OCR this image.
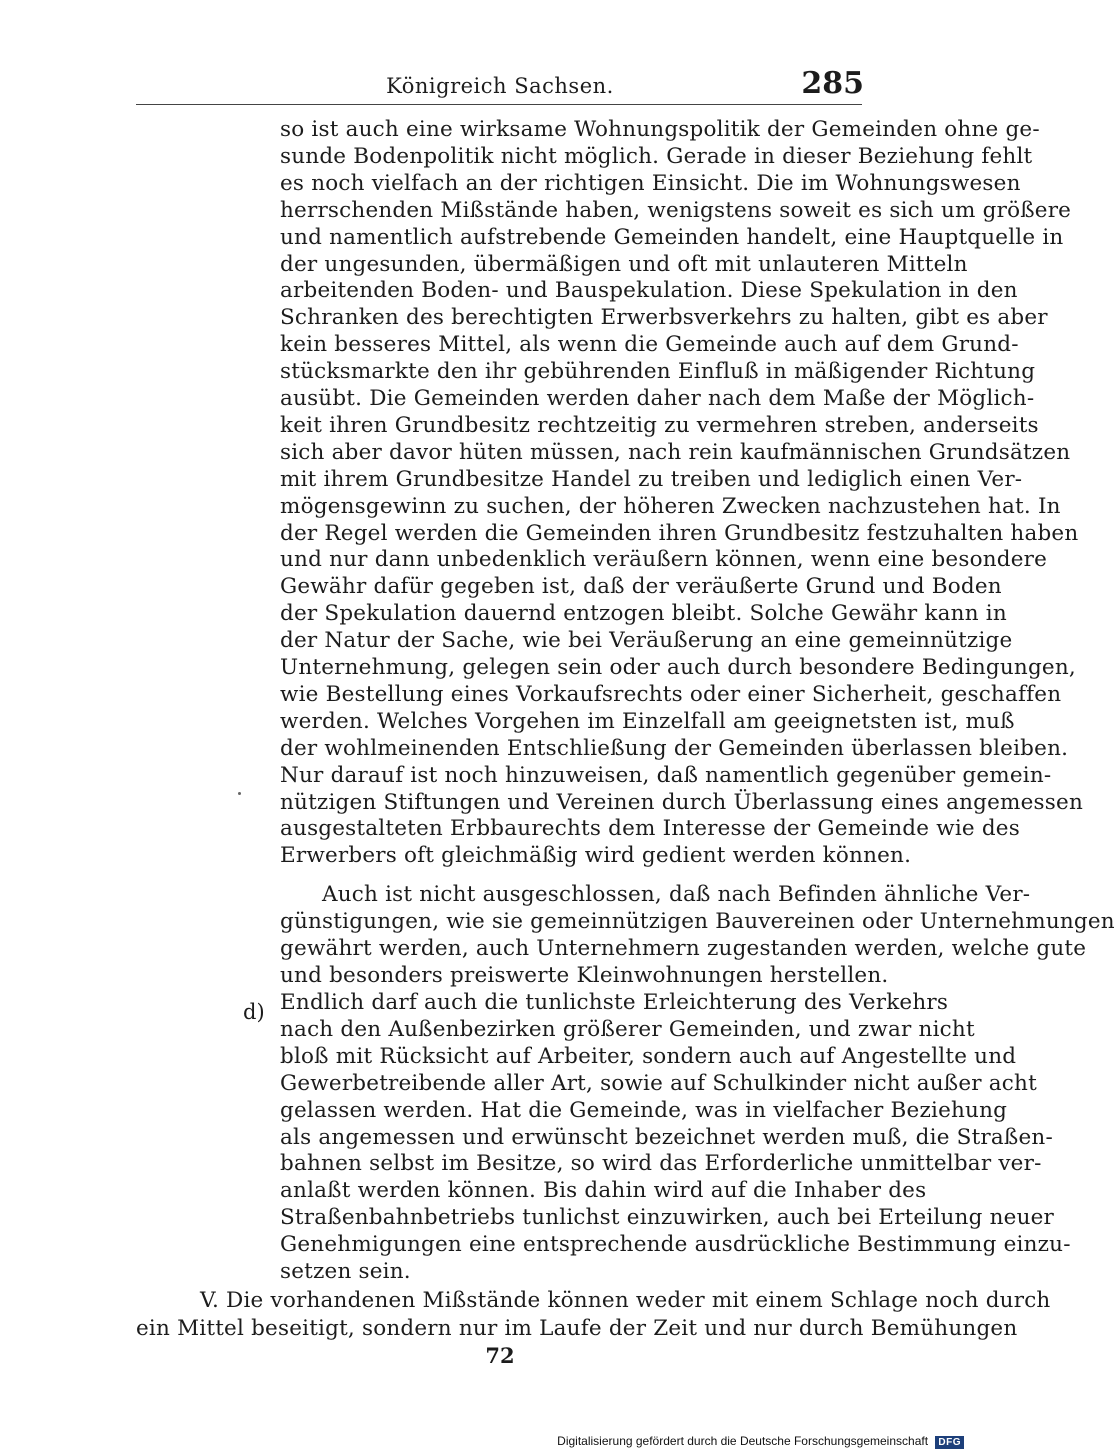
Königreich Sachsen.	285
so ist auch eine wirksame Wohnungspolitik der Gemeinden ohne ge-
sunde Bodenpolitik nicht möglich. Gerade in dieser Beziehung fehlt
es noch vielfach an der richtigen Einsicht. Die im Wohnungswesen
herrschenden Mißstände haben, wenigstens soweit es sich um größere
und namentlich aufstrebende Gemeinden handelt, eine Hauptquelle in
der ungesunden, übermäßigen und oft mit unlauteren Mitteln
arbeitenden Boden- und Bauspekulation. Diese Spekulation in den
Schranken des berechtigten Erwerbsverkehrs zu halten, gibt es aber
kein besseres Mittel, als wenn die Gemeinde auch auf dem Grund-
stücksmarkte den ihr gebührenden Einfluß in mäßigender Richtung
ausübt. Die Gemeinden werden daher nach dem Maße der Möglich-
keit ihren Grundbesitz rechtzeitig zu vermehren streben, anderseits
sich aber davor hüten müssen, nach rein kaufmännischen Grundsätzen
mit ihrem Grundbesitze Handel zu treiben und lediglich einen Ver-
mögensgewinn zu suchen, der höheren Zwecken nachzustehen hat. In
der Regel werden die Gemeinden ihren Grundbesitz festzuhalten haben
und nur dann unbedenklich veräußern können, wenn eine besondere
Gewähr dafür gegeben ist, daß der veräußerte Grund und Boden
der Spekulation dauernd entzogen bleibt. Solche Gewähr kann in
der Natur der Sache, wie bei Veräußerung an eine gemeinnützige
Unternehmung, gelegen sein oder auch durch besondere Bedingungen,
wie Bestellung eines Vorkaufsrechts oder einer Sicherheit, geschaffen
werden. Welches Vorgehen im Einzelfall am geeignetsten ist, muß
der wohlmeinenden Entschließung der Gemeinden überlassen bleiben.
Nur darauf ist noch hinzuweisen, daß namentlich gegenüber gemein-
nützigen Stiftungen und Vereinen durch Überlassung eines angemessen
ausgestalteten Erbbaurechts dem Interesse der Gemeinde wie des
Erwerbers oft gleichmäßig wird gedient werden können.
Auch ist nicht ausgeschlossen, daß nach Befinden ähnliche Ver-
günstigungen, wie sie gemeinnützigen Bauvereinen oder Unternehmungen
gewährt werden, auch Unternehmern zugestanden werden, welche gute
und besonders preiswerte Kleinwohnungen herstellen.
d) Endlich darf auch die tunlichste Erleichterung des Verkehrs
nach den Außenbezirken größerer Gemeinden, und zwar nicht
bloß mit Rücksicht auf Arbeiter, sondern auch auf Angestellte und
Gewerbetreibende aller Art, sowie auf Schulkinder nicht außer acht
gelassen werden. Hat die Gemeinde, was in vielfacher Beziehung
als angemessen und erwünscht bezeichnet werden muß, die Straßen-
bahnen selbst im Besitze, so wird das Erforderliche unmittelbar ver-
anlaßt werden können. Bis dahin wird auf die Inhaber des
Straßenbahnbetriebs tunlichst einzuwirken, auch bei Erteilung neuer
Genehmigungen eine entsprechende ausdrückliche Bestimmung einzu-
setzen sein.
V. Die vorhandenen Mißstände können weder mit einem Schlage noch durch
ein Mittel beseitigt, sondern nur im Laufe der Zeit und nur durch Bemühungen
72
Digitalisierung gefördert durch die Deutsche Forschungsgemeinschaft DFG
